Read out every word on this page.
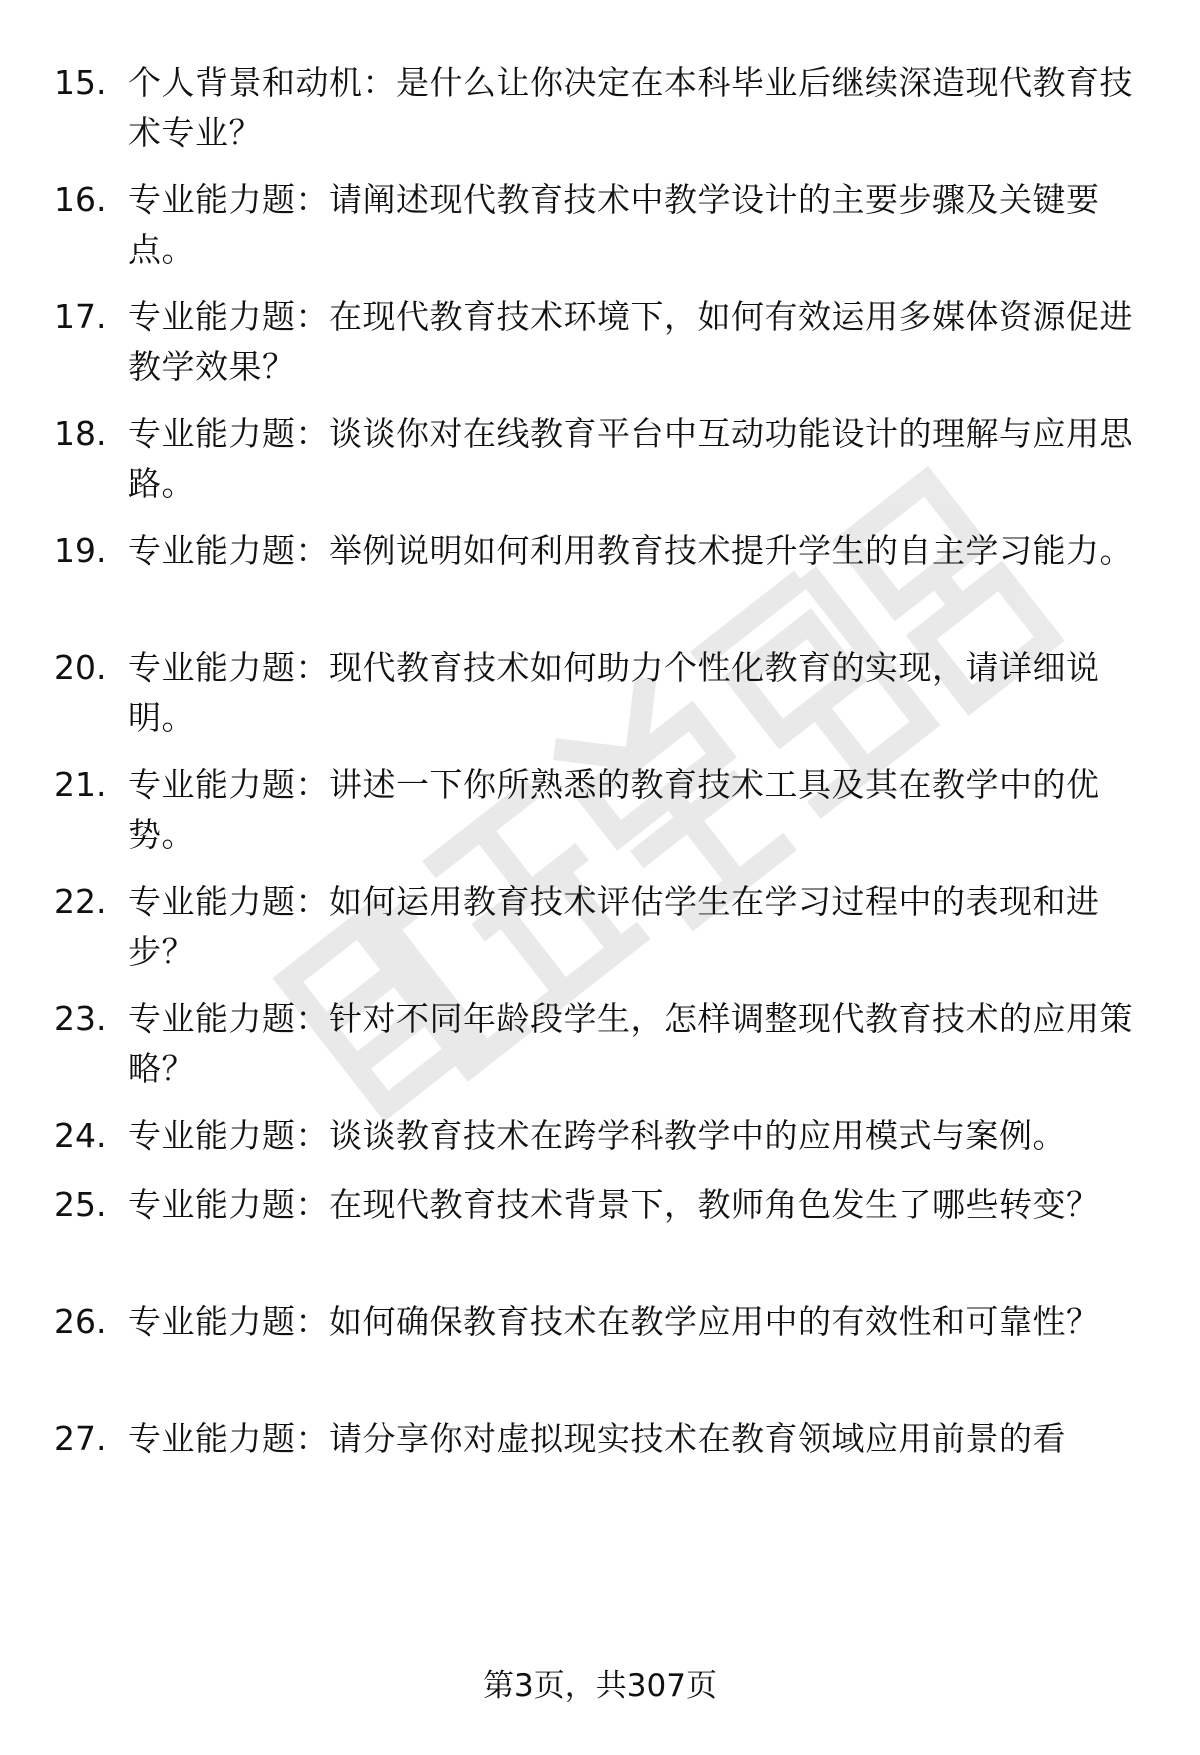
15. 个人背景和动机：是什么让你决定在本科毕业后继续深造现代教育技术专业？
16. 专业能力题：请阐述现代教育技术中教学设计的主要步骤及关键要点。
17. 专业能力题：在现代教育技术环境下，如何有效运用多媒体资源促进教学效果？
18. 专业能力题：谈谈你对在线教育平台中互动功能设计的理解与应用思路。
19. 专业能力题：举例说明如何利用教育技术提升学生的自主学习能力。
20. 专业能力题：现代教育技术如何助力个性化教育的实现，请详细说明。
21. 专业能力题：讲述一下你所熟悉的教育技术工具及其在教学中的优势。
22. 专业能力题：如何运用教育技术评估学生在学习过程中的表现和进步？
23. 专业能力题：针对不同年龄段学生，怎样调整现代教育技术的应用策略？
24. 专业能力题：谈谈教育技术在跨学科教学中的应用模式与案例。
25. 专业能力题：在现代教育技术背景下，教师角色发生了哪些转变？
26. 专业能力题：如何确保教育技术在教学应用中的有效性和可靠性？
27. 专业能力题：请分享你对虚拟现实技术在教育领域应用前景的看
第3页，共307页
